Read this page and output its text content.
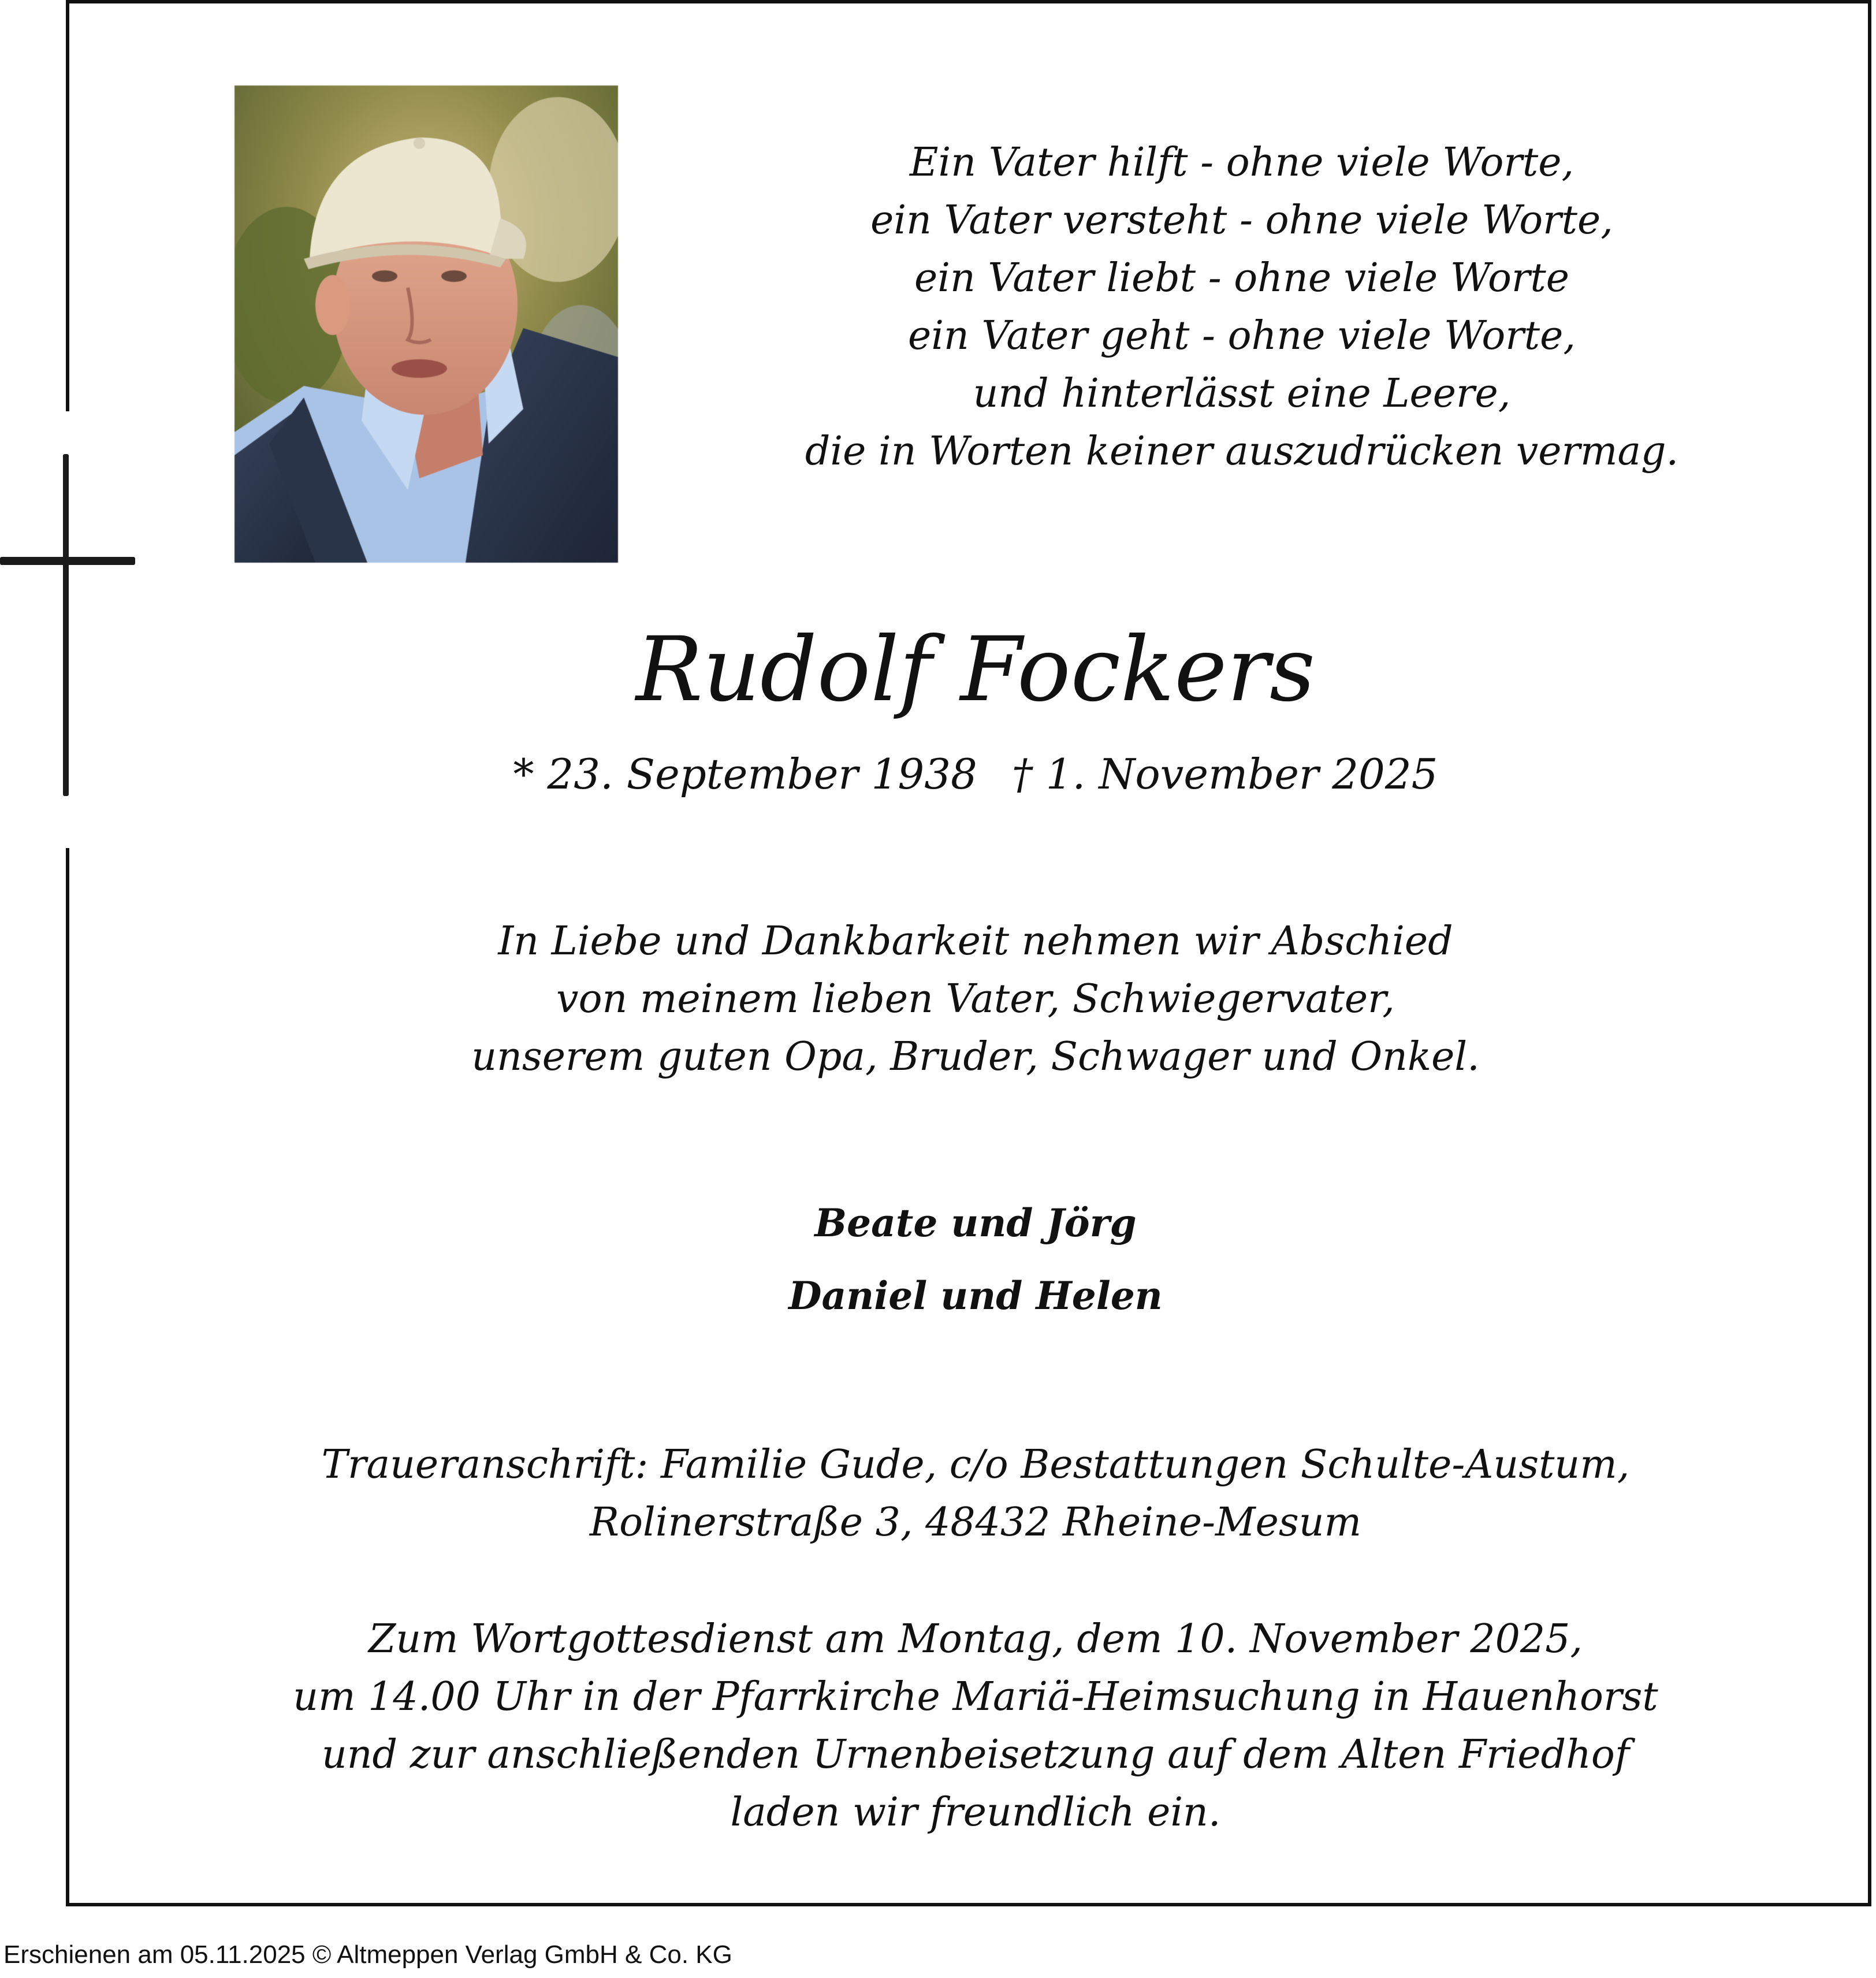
Ein Vater hilft - ohne viele Worte,
ein Vater versteht - ohne viele Worte,
ein Vater liebt - ohne viele Worte
ein Vater geht - ohne viele Worte,
und hinterlässt eine Leere,
die in Worten keiner auszudrücken vermag.
Rudolf Fockers
* 23. September 1938 † 1. November 2025
In Liebe und Dankbarkeit nehmen wir Abschied
von meinem lieben Vater, Schwiegervater,
unserem guten Opa, Bruder, Schwager und Onkel.
Beate und Jörg
Daniel und Helen
Traueranschrift: Familie Gude, c/o Bestattungen Schulte-Austum,
Rolinerstraße 3, 48432 Rheine-Mesum
Zum Wortgottesdienst am Montag, dem 10. November 2025,
um 14.00 Uhr in der Pfarrkirche Mariä-Heimsuchung in Hauenhorst
und zur anschließenden Urnenbeisetzung auf dem Alten Friedhof
laden wir freundlich ein.
Erschienen am 05.11.2025 © Altmeppen Verlag GmbH & Co. KG
